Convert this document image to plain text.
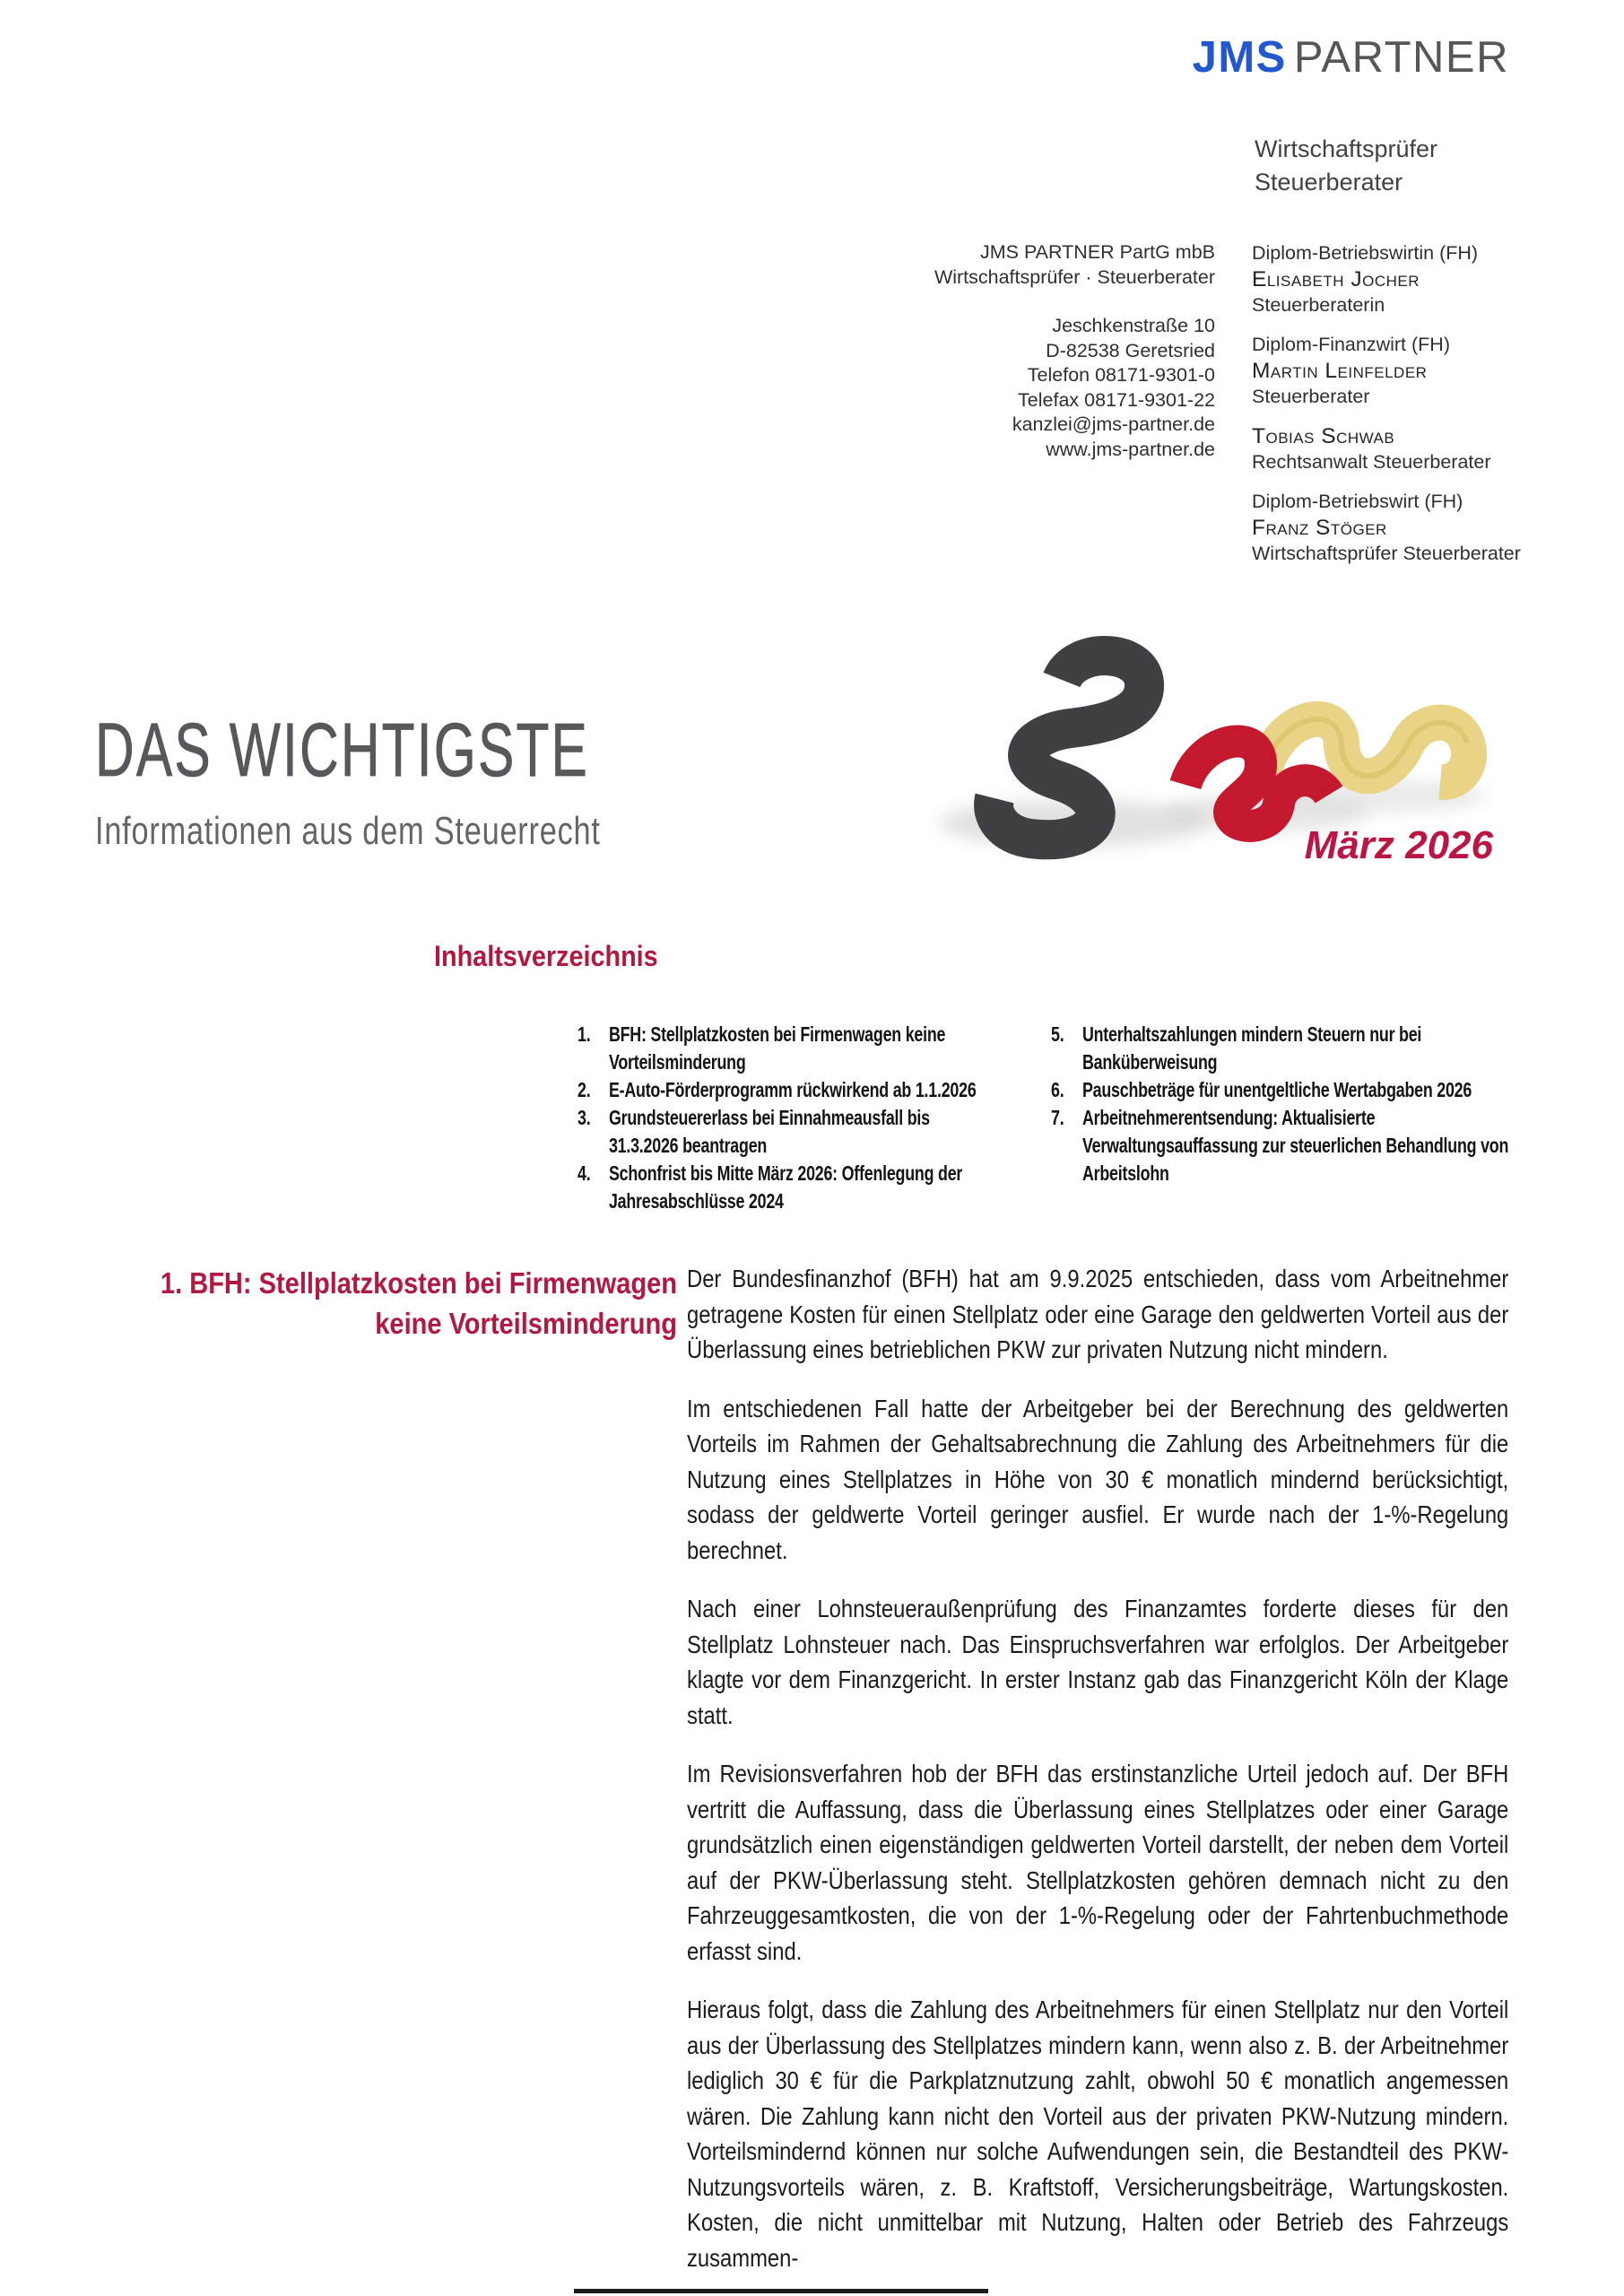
JMS PARTNER
Wirtschaftsprüfer
Steuerberater
JMS PARTNER PartG mbB
Wirtschaftsprüfer · Steuerberater
Jeschkenstraße 10
D-82538 Geretsried
Telefon 08171-9301-0
Telefax 08171-9301-22
kanzlei@jms-partner.de
www.jms-partner.de
Diplom-Betriebswirtin (FH)
Elisabeth Jocher
Steuerberaterin
Diplom-Finanzwirt (FH)
Martin Leinfelder
Steuerberater
Tobias Schwab
Rechtsanwalt Steuerberater
Diplom-Betriebswirt (FH)
Franz Stöger
Wirtschaftsprüfer Steuerberater
DAS WICHTIGSTE
Informationen aus dem Steuerrecht	März 2026
Inhaltsverzeichnis
1. BFH: Stellplatzkosten bei Firmenwagen keine Vorteilsminderung
2. E-Auto-Förderprogramm rückwirkend ab 1.1.2026
3. Grundsteuererlass bei Einnahmeausfall bis 31.3.2026 beantragen
4. Schonfrist bis Mitte März 2026: Offenlegung der Jahresabschlüsse 2024
5. Unterhaltszahlungen mindern Steuern nur bei Banküberweisung
6. Pauschbeträge für unentgeltliche Wertabgaben 2026
7. Arbeitnehmerentsendung: Aktualisierte Verwaltungsauffassung zur steuerlichen Behandlung von Arbeitslohn
1. BFH: Stellplatzkosten bei Firmenwagen keine Vorteilsminderung

Der Bundesfinanzhof (BFH) hat am 9.9.2025 entschieden, dass vom Arbeitnehmer getragene Kosten für einen Stellplatz oder eine Garage den geldwerten Vorteil aus der Überlassung eines betrieblichen PKW zur privaten Nutzung nicht mindern.

Im entschiedenen Fall hatte der Arbeitgeber bei der Berechnung des geldwerten Vorteils im Rahmen der Gehaltsabrechnung die Zahlung des Arbeitnehmers für die Nutzung eines Stellplatzes in Höhe von 30 € monatlich mindernd berücksichtigt, sodass der geldwerte Vorteil geringer ausfiel. Er wurde nach der 1-%-Regelung berechnet.

Nach einer Lohnsteueraußenprüfung des Finanzamtes forderte dieses für den Stellplatz Lohnsteuer nach. Das Einspruchsverfahren war erfolglos. Der Arbeitgeber klagte vor dem Finanzgericht. In erster Instanz gab das Finanzgericht Köln der Klage statt.

Im Revisionsverfahren hob der BFH das erstinstanzliche Urteil jedoch auf. Der BFH vertritt die Auffassung, dass die Überlassung eines Stellplatzes oder einer Garage grundsätzlich einen eigenständigen geldwerten Vorteil darstellt, der neben dem Vorteil auf der PKW-Überlassung steht. Stellplatzkosten gehören demnach nicht zu den Fahrzeuggesamtkosten, die von der 1-%-Regelung oder der Fahrtenbuchmethode erfasst sind.

Hieraus folgt, dass die Zahlung des Arbeitnehmers für einen Stellplatz nur den Vorteil aus der Überlassung des Stellplatzes mindern kann, wenn also z. B. der Arbeitnehmer lediglich 30 € für die Parkplatznutzung zahlt, obwohl 50 € monatlich angemessen wären. Die Zahlung kann nicht den Vorteil aus der privaten PKW-Nutzung mindern. Vorteilsmindernd können nur solche Aufwendungen sein, die Bestandteil des PKW-Nutzungsvorteils wären, z. B. Kraftstoff, Versicherungsbeiträge, Wartungskosten. Kosten, die nicht unmittelbar mit Nutzung, Halten oder Betrieb des Fahrzeugs zusammen-
